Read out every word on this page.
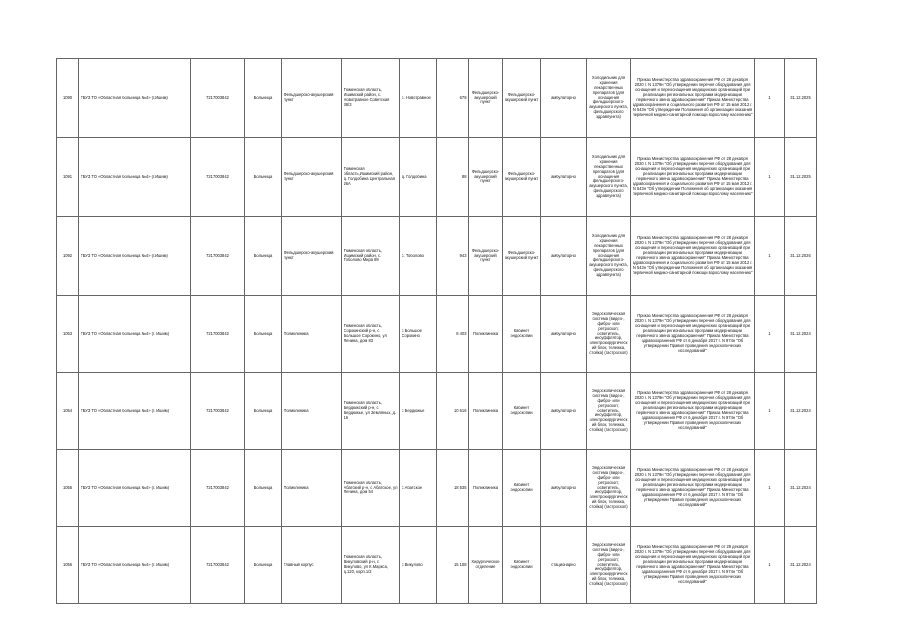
1090	ГБУЗ ТО «Областная больница №4» (г.Ишим)	7217003842	Больница	Фельдшерско-акушерский пункт	Тюменская область, Ишимский район, с. Новотравное Советская 38/3	с. Новотравное	679	Фельдшерско-акушерский пункт	Фельдшерско-акушерский пункт	амбулаторно	Холодильник для хранения лекарственных препаратов (для оснащения фельдшерского-акушерского пункта, фельдшерского здравпункта)	Приказ Министерства здравоохранения РФ от 28 декабря 2020 г. N 1379н "Об утверждении перечня оборудования для оснащения и переоснащения медицинских организаций при реализации региональных программ модернизации первичного звена здравоохранения" Приказ Министерства здравоохранения и социального развития РФ от 15 мая 2012 г. N 543н "Об утверждении Положения об организации оказания первичной медико-санитарной помощи взрослому населению"	1	31.12.2025

1091	ГБУЗ ТО «Областная больница №4» (г.Ишим)	7217003842	Больница	Фельдшерско-акушерский пункт	Тюменская область,Ишимский район, д. Голдобина Центральная 26А	д. Голдобина	88	Фельдшерско-акушерский пункт	Фельдшерско-акушерский пункт	амбулаторно	Холодильник для хранения лекарственных препаратов (для оснащения фельдшерского-акушерского пункта, фельдшерского здравпункта)	Приказ Министерства здравоохранения РФ от 28 декабря 2020 г. N 1379н "Об утверждении перечня оборудования для оснащения и переоснащения медицинских организаций при реализации региональных программ модернизации первичного звена здравоохранения" Приказ Министерства здравоохранения и социального развития РФ от 15 мая 2012 г. N 543н "Об утверждении Положения об организации оказания первичной медико-санитарной помощи взрослому населению"	1	31.12.2025

1092	ГБУЗ ТО «Областная больница №4» (г.Ишим)	7217003842	Больница	Фельдшерско-акушерский пункт	Тюменская область, Ишимский район, с. Тоболово Мира 89	с. Тоболово	943	Фельдшерско-акушерский пункт	Фельдшерско-акушерский пункт	амбулаторно	Холодильник для хранения лекарственных препаратов (для оснащения фельдшерского-акушерского пункта, фельдшерского здравпункта)	Приказ Министерства здравоохранения РФ от 28 декабря 2020 г. N 1379н "Об утверждении перечня оборудования для оснащения и переоснащения медицинских организаций при реализации региональных программ модернизации первичного звена здравоохранения" Приказ Министерства здравоохранения и социального развития РФ от 15 мая 2012 г. N 543н "Об утверждении Положения об организации оказания первичной медико-санитарной помощи взрослому населению"	1	31.12.2026

1053	ГБУЗ ТО «Областная больница №4» (г. Ишим)	7217003842	Больница	Поликлиника	Тюменская область, Сорокинский р-н, с Большое Сорокино, ул Ленина, дом 83	с Большое Сорокино	8 403	Поликлиника	Кабинет эндоскопии	амбулаторно	Эндоскопическая система (видео-, фибро- или ретроскоп; осветитель, инсуффлятор, электрохирургический блок, тележка, стойка) (гастроскоп)	Приказ Министерства здравоохранения РФ от 28 декабря 2020 г. N 1379н "Об утверждении перечня оборудования для оснащения и переоснащения медицинских организаций при реализации региональных программ модернизации первичного звена здравоохранения" Приказ Министерства здравоохранения РФ от 6 декабря 2017 г. N 974н "Об утверждении Правил проведения эндоскопических исследований"	1	31.12.2024

1054	ГБУЗ ТО «Областная больница №4» (г. Ишим)	7217003842	Больница	Поликлиника	Тюменская область, Бердюжский р-н, с Бердюжье, ул Земляных, д. 16	с Бердюжье	10 616	Поликлиника	Кабинет эндоскопии	амбулаторно	Эндоскопическая система (видео-, фибро- или ретроскоп; осветитель, инсуффлятор, электрохирургический блок, тележка, стойка) (гастроскоп)	Приказ Министерства здравоохранения РФ от 28 декабря 2020 г. N 1379н "Об утверждении перечня оборудования для оснащения и переоснащения медицинских организаций при реализации региональных программ модернизации первичного звена здравоохранения" Приказ Министерства здравоохранения РФ от 6 декабря 2017 г. N 974н "Об утверждении Правил проведения эндоскопических исследований"	1	31.12.2024

1055	ГБУЗ ТО «Областная больница №4» (г. Ишим)	7217003842	Больница	Поликлиника	Тюменская область, Абатский р-н, с Абатское, ул Ленина, дом 54	с Абатское	18 535	Поликлиника	Кабинет эндоскопии	амбулаторно	Эндоскопическая система (видео-, фибро- или ретроскоп; осветитель, инсуффлятор, электрохирургический блок, тележка, стойка) (гастроскоп)	Приказ Министерства здравоохранения РФ от 28 декабря 2020 г. N 1379н "Об утверждении перечня оборудования для оснащения и переоснащения медицинских организаций при реализации региональных программ модернизации первичного звена здравоохранения" Приказ Министерства здравоохранения РФ от 6 декабря 2017 г. N 974н "Об утверждении Правил проведения эндоскопических исследований"	1	31.12.2024

1056	ГБУЗ ТО «Областная больница №4» (г. Ишим)	7217003842	Больница	Главный корпус	Тюменская область, Викуловский р-н, с Викулово, ул К.Маркса, д.120, корп.1/2	с Викулово	15 108	Хирургическое отделение	Кабинет эндоскопии	стационарно	Эндоскопическая система (видео-, фибро- или ретроскоп; осветитель, инсуффлятор, электрохирургический блок, тележка, стойка) (гастроскоп)	Приказ Министерства здравоохранения РФ от 28 декабря 2020 г. N 1379н "Об утверждении перечня оборудования для оснащения и переоснащения медицинских организаций при реализации региональных программ модернизации первичного звена здравоохранения" Приказ Министерства здравоохранения РФ от 6 декабря 2017 г. N 974н "Об утверждении Правил проведения эндоскопических исследований"	1	31.12.2024
